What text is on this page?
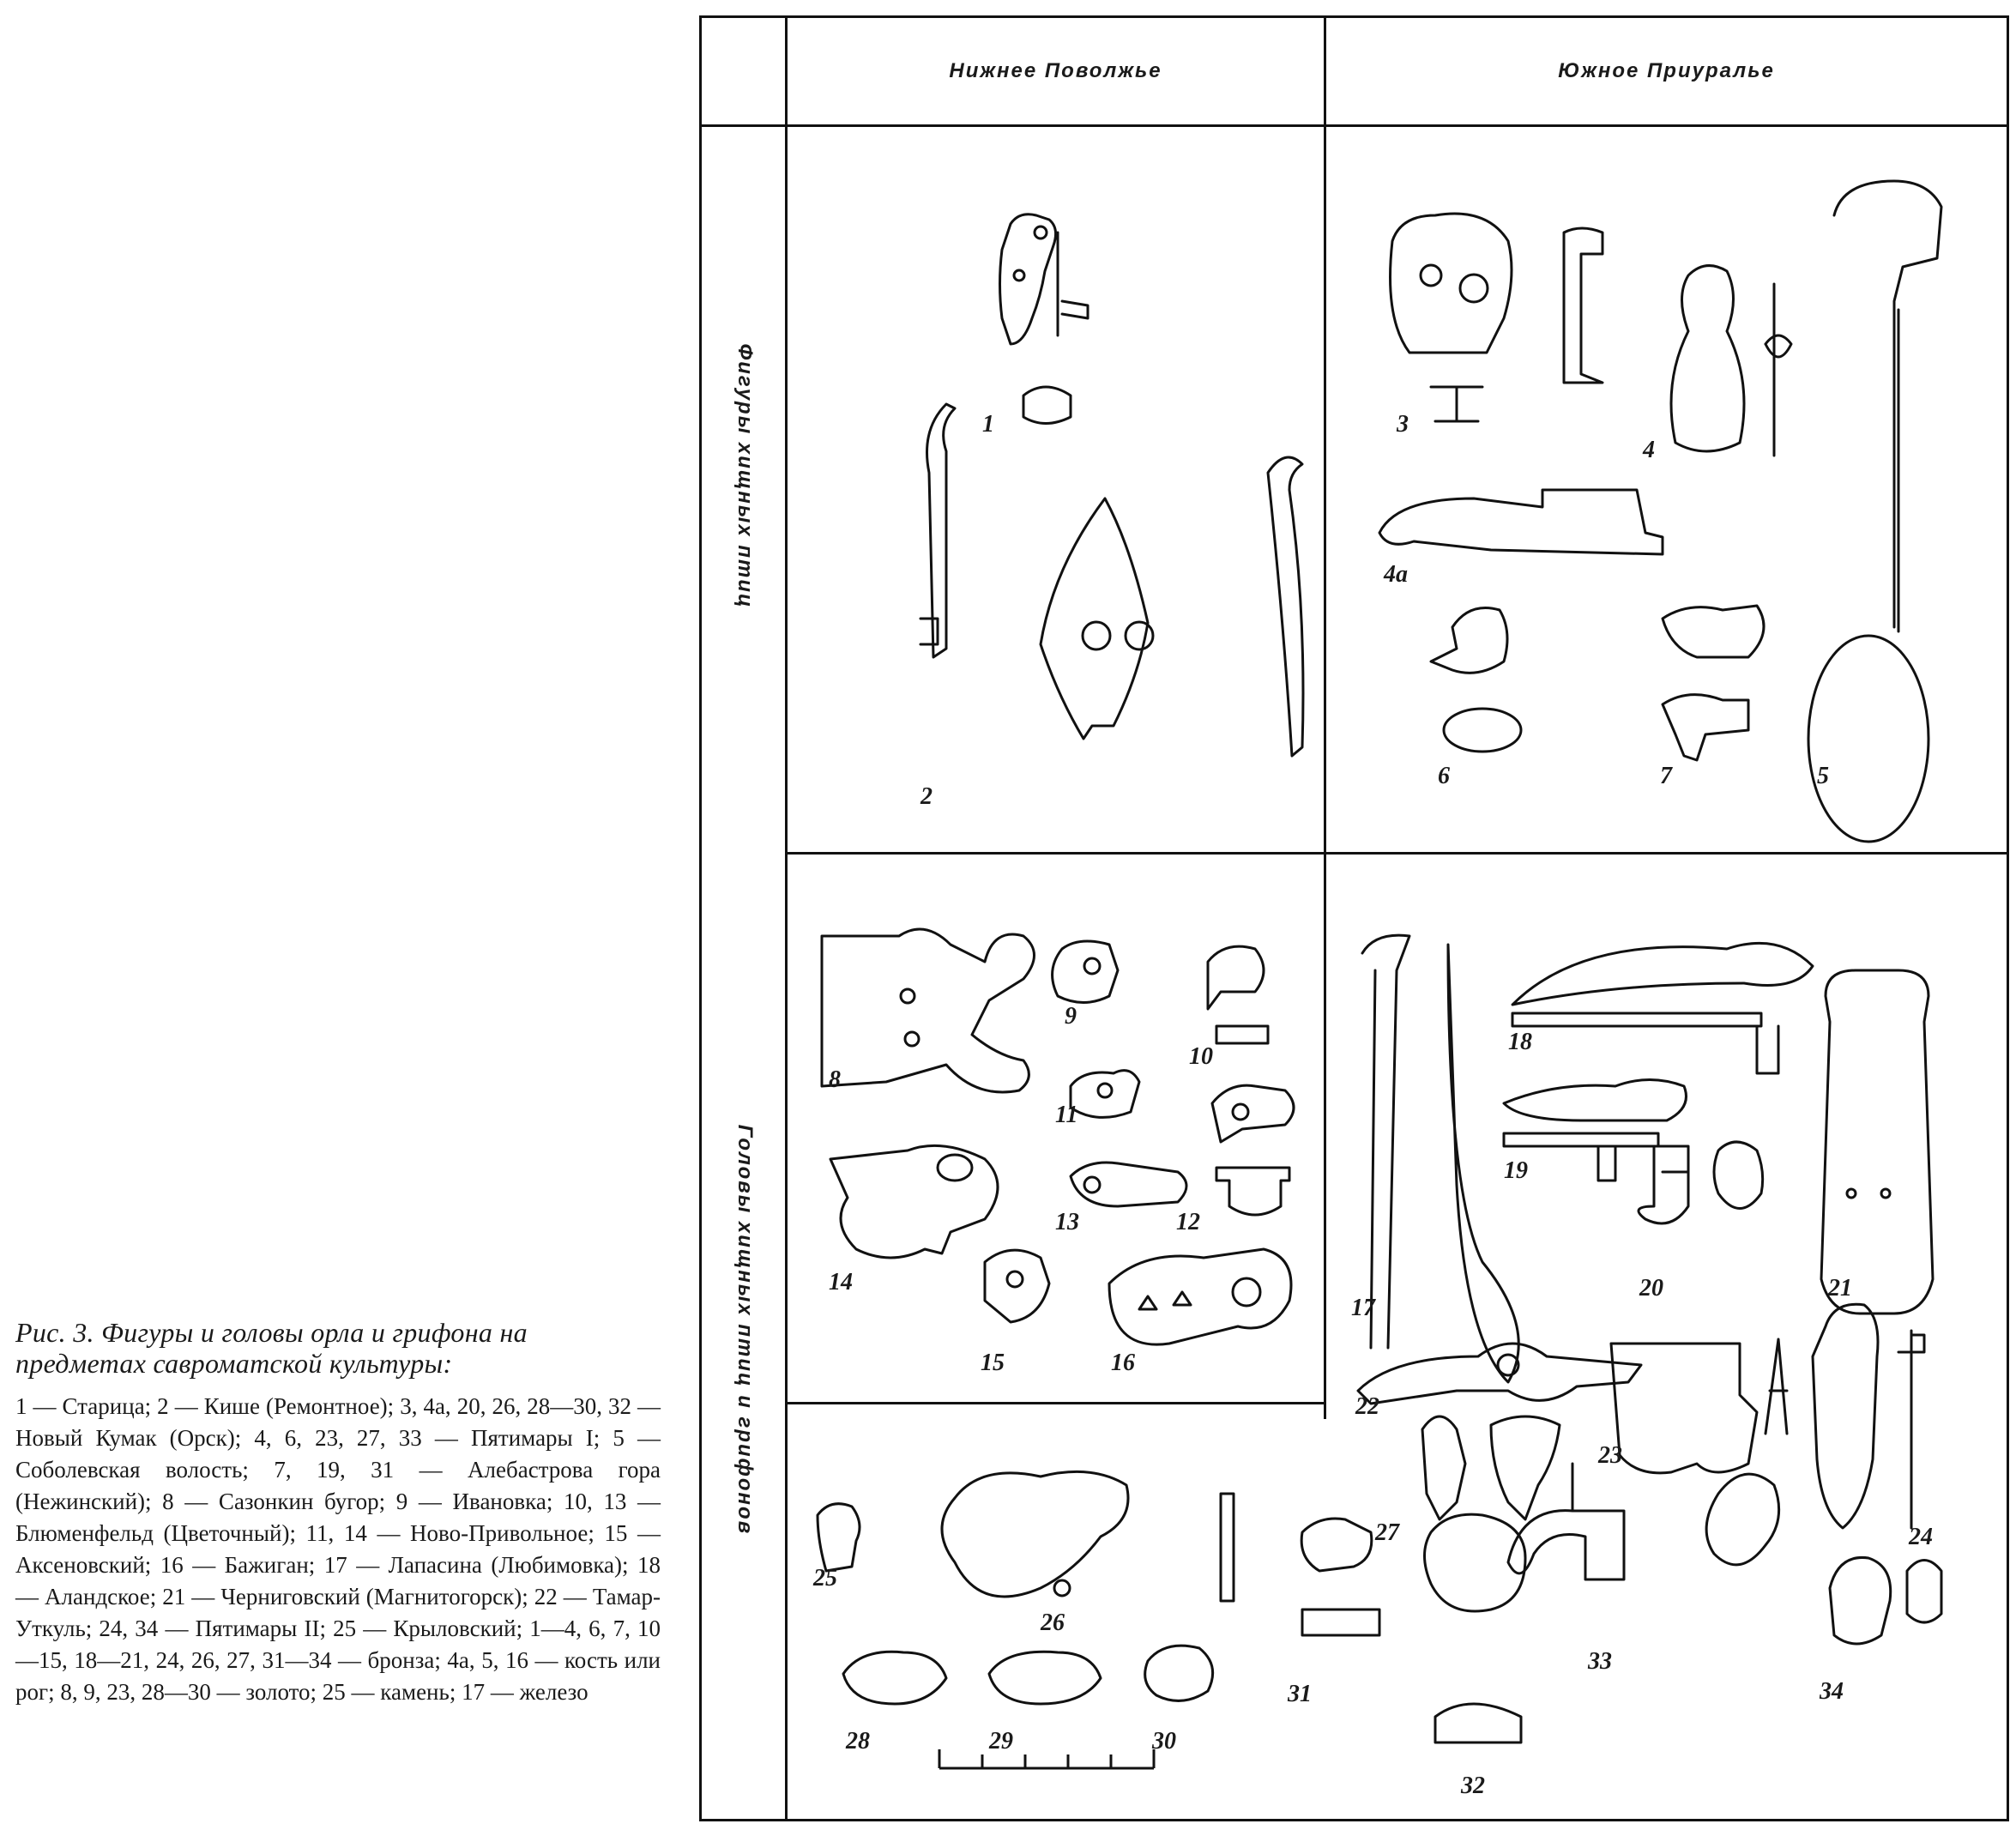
Рис. 3. Фигуры и головы орла и грифона на предметах савроматской культуры:

1 — Старица; 2 — Кише (Ремонтное); 3, 4а, 20, 26, 28—30, 32 — Новый Кумак (Орск); 4, 6, 23, 27, 33 — Пятимары I; 5 — Соболевская волость; 7, 19, 31 — Алебастрова гора (Нежинский); 8 — Сазонкин бугор; 9 — Ивановка; 10, 13 — Блюменфельд (Цветочный); 11, 14 — Ново-Привольное; 15 — Аксеновский; 16 — Бажиган; 17 — Лапасина (Любимовка); 18 — Аландское; 21 — Черниговский (Магнитогорск); 22 — Тамар-Уткуль; 24, 34 — Пятимары II; 25 — Крыловский; 1—4, 6, 7, 10—15, 18—21, 24, 26, 27, 31—34 — бронза; 4а, 5, 16 — кость или рог; 8, 9, 23, 28—30 — золото; 25 — камень; 17 — железо

Нижнее Поволжье	Южное Приуралье
Фигуры хищных птиц
Головы хищных птиц и грифонов
1
2
3
4
4а
5
6	7
8
9
10
11
12
13
14
15	16
17
18
19
20	21
22
23
24
25
26
27
28	29	30
31
32
33
34
